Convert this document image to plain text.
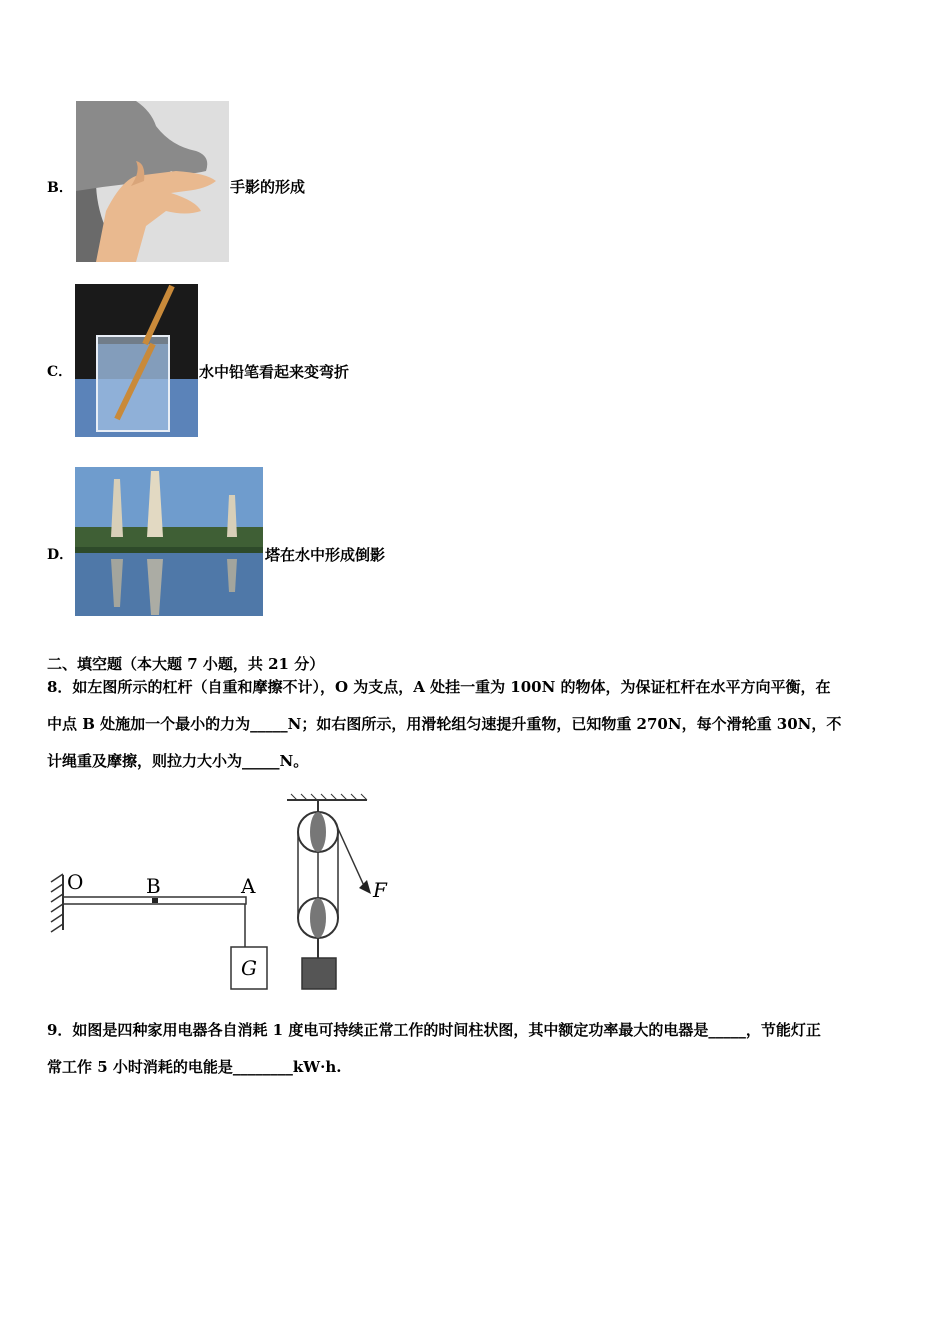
B．	手影的形成
C．	水中铅笔看起来变弯折
D．	塔在水中形成倒影
二、填空题（本大题 7 小题，共 21 分）
8．如左图所示的杠杆（自重和摩擦不计），O 为支点，A 处挂一重为 100N 的物体，为保证杠杆在水平方向平衡，在
中点 B 处施加一个最小的力为_____N；如右图所示，用滑轮组匀速提升重物，已知物重 270N，每个滑轮重 30N，不
计绳重及摩擦，则拉力大小为_____N。
O	B	A
G
F
9．如图是四种家用电器各自消耗 1 度电可持续正常工作的时间柱状图，其中额定功率最大的电器是_____，节能灯正
常工作 5 小时消耗的电能是________kW·h.
